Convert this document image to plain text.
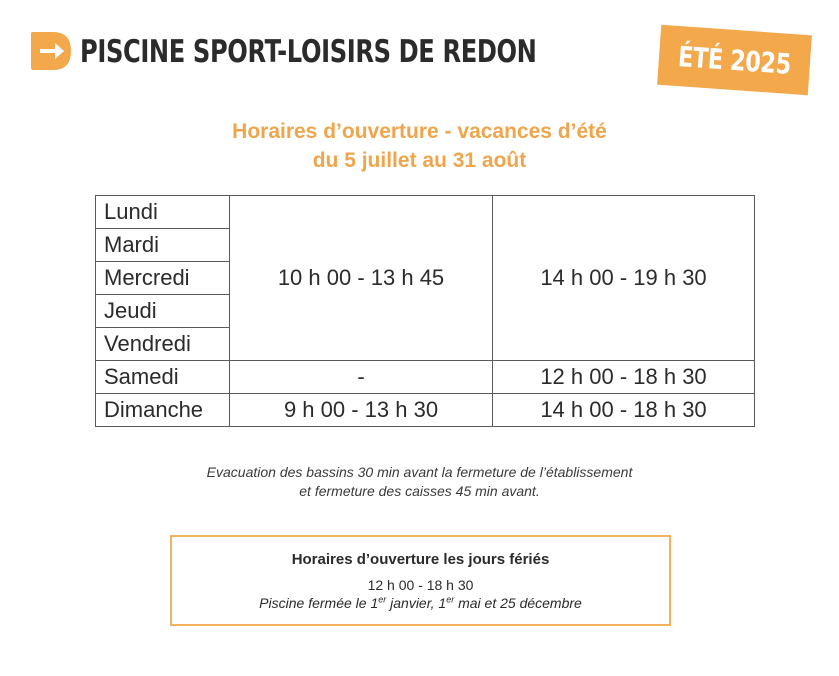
PISCINE SPORT-LOISIRS DE REDON	ÉTÉ 2025
Horaires d’ouverture - vacances d’été
du 5 juillet au 31 août
Lundi	10 h 00 - 13 h 45	14 h 00 - 19 h 30
Mardi		
Mercredi		
Jeudi		
Vendredi		
Samedi	-	12 h 00 - 18 h 30
Dimanche	9 h 00 - 13 h 30	14 h 00 - 18 h 30
Evacuation des bassins 30 min avant la fermeture de l’établissement
et fermeture des caisses 45 min avant.
Horaires d’ouverture les jours fériés
12 h 00 - 18 h 30
Piscine fermée le 1er janvier, 1er mai et 25 décembre
